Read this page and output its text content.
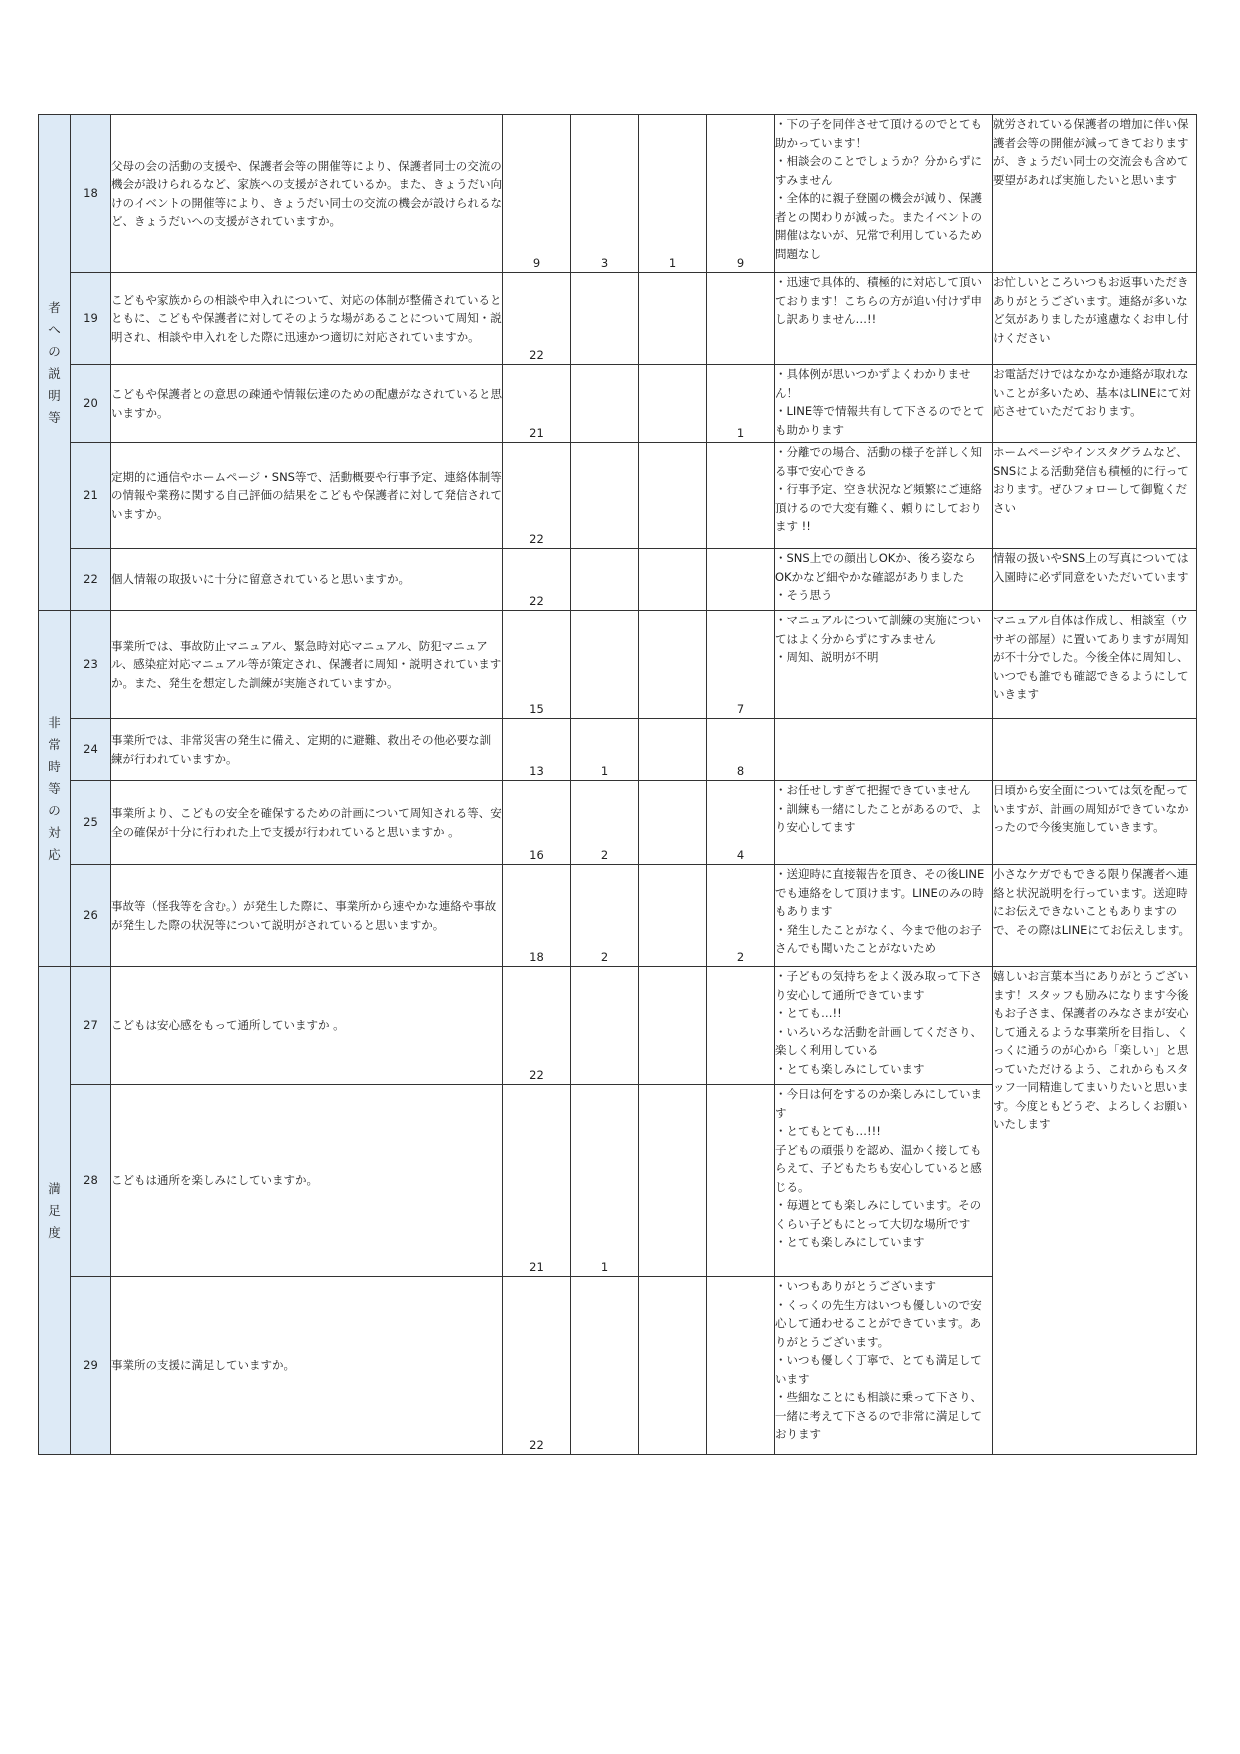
者への説明等	18	父母の会の活動の支援や、保護者会等の開催等により、保護者同士の交流の機会が設けられるなど、家族への支援がされているか。また、きょうだい向けのイベントの開催等により、きょうだい同士の交流の機会が設けられるなど、きょうだいへの支援がされていますか。	9	3	1	9	・下の子を同伴させて頂けるのでとても助かっています！
・相談会のことでしょうか？分からずにすみません
・全体的に親子登園の機会が減り、保護者との関わりが減った。またイベントの開催はないが、兄常で利用しているため問題なし	就労されている保護者の増加に伴い保護者会等の開催が減ってきておりますが、きょうだい同士の交流会も含めて要望があれば実施したいと思います
	19	こどもや家族からの相談や申入れについて、対応の体制が整備されているとともに、こどもや保護者に対してそのような場があることについて周知・説明され、相談や申入れをした際に迅速かつ適切に対応されていますか。	22				・迅速で具体的、積極的に対応して頂いております！こちらの方が追い付けず申し訳ありません…!!	お忙しいところいつもお返事いただきありがとうございます。連絡が多いなど気がありましたが遠慮なくお申し付けください
	20	こどもや保護者との意思の疎通や情報伝達のための配慮がなされていると思いますか。	21			1	・具体例が思いつかずよくわかりません！
・LINE等で情報共有して下さるのでとても助かります	お電話だけではなかなか連絡が取れないことが多いため、基本はLINEにて対応させていただております。
	21	定期的に通信やホームページ・SNS等で、活動概要や行事予定、連絡体制等の情報や業務に関する自己評価の結果をこどもや保護者に対して発信されていますか。	22				・分離での場合、活動の様子を詳しく知る事で安心できる
・行事予定、空き状況など頻繁にご連絡頂けるので大変有難く、頼りにしております !!	ホームページやインスタグラムなど、SNSによる活動発信も積極的に行っております。ぜひフォローして御覧ください
	22	個人情報の取扱いに十分に留意されていると思いますか。	22				・SNS上での顔出しOKか、後ろ姿ならOKかなど細やかな確認がありました
・そう思う	情報の扱いやSNS上の写真については入園時に必ず同意をいただいています

非常時等の対応	23	事業所では、事故防止マニュアル、緊急時対応マニュアル、防犯マニュアル、感染症対応マニュアル等が策定され、保護者に周知・説明されていますか。また、発生を想定した訓練が実施されていますか。	15			7	・マニュアルについて訓練の実施についてはよく分からずにすみません
・周知、説明が不明	マニュアル自体は作成し、相談室（ウサギの部屋）に置いてありますが周知が不十分でした。今後全体に周知し、いつでも誰でも確認できるようにしていきます
	24	事業所では、非常災害の発生に備え、定期的に避難、救出その他必要な訓練が行われていますか。	13	1		8		
	25	事業所より、こどもの安全を確保するための計画について周知される等、安全の確保が十分に行われた上で支援が行われていると思いますか 。	16	2		4	・お任せしすぎて把握できていません
・訓練も一緒にしたことがあるので、より安心してます	日頃から安全面については気を配っていますが、計画の周知ができていなかったので今後実施していきます。
	26	事故等（怪我等を含む。）が発生した際に、事業所から速やかな連絡や事故が発生した際の状況等について説明がされていると思いますか。	18	2		2	・送迎時に直接報告を頂き、その後LINEでも連絡をして頂けます。LINEのみの時もあります
・発生したことがなく、今まで他のお子さんでも聞いたことがないため	小さなケガでもできる限り保護者へ連絡と状況説明を行っています。送迎時にお伝えできないこともありますので、その際はLINEにてお伝えします。

満足度	27	こどもは安心感をもって通所していますか 。	22				・子どもの気持ちをよく汲み取って下さり安心して通所できています
・とても…!!
・いろいろな活動を計画してくださり、楽しく利用している
・とても楽しみにしています	嬉しいお言葉本当にありがとうございます！スタッフも励みになります今後もお子さま、保護者のみなさまが安心して通えるような事業所を目指し、くっくに通うのが心から「楽しい」と思っていただけるよう、これからもスタッフ一同精進してまいりたいと思います。今度ともどうぞ、よろしくお願いいたします
	28	こどもは通所を楽しみにしていますか。	21	1			・今日は何をするのか楽しみにしています
・とてもとても…!!!
子どもの頑張りを認め、温かく接してもらえて、子どもたちも安心していると感じる。
・毎週とても楽しみにしています。そのくらい子どもにとって大切な場所です
・とても楽しみにしています	

	29	事業所の支援に満足していますか。	22				・いつもありがとうございます
・くっくの先生方はいつも優しいので安心して通わせることができています。ありがとうございます。
・いつも優しく丁寧で、とても満足しています
・些細なことにも相談に乗って下さり、一緒に考えて下さるので非常に満足しております	
